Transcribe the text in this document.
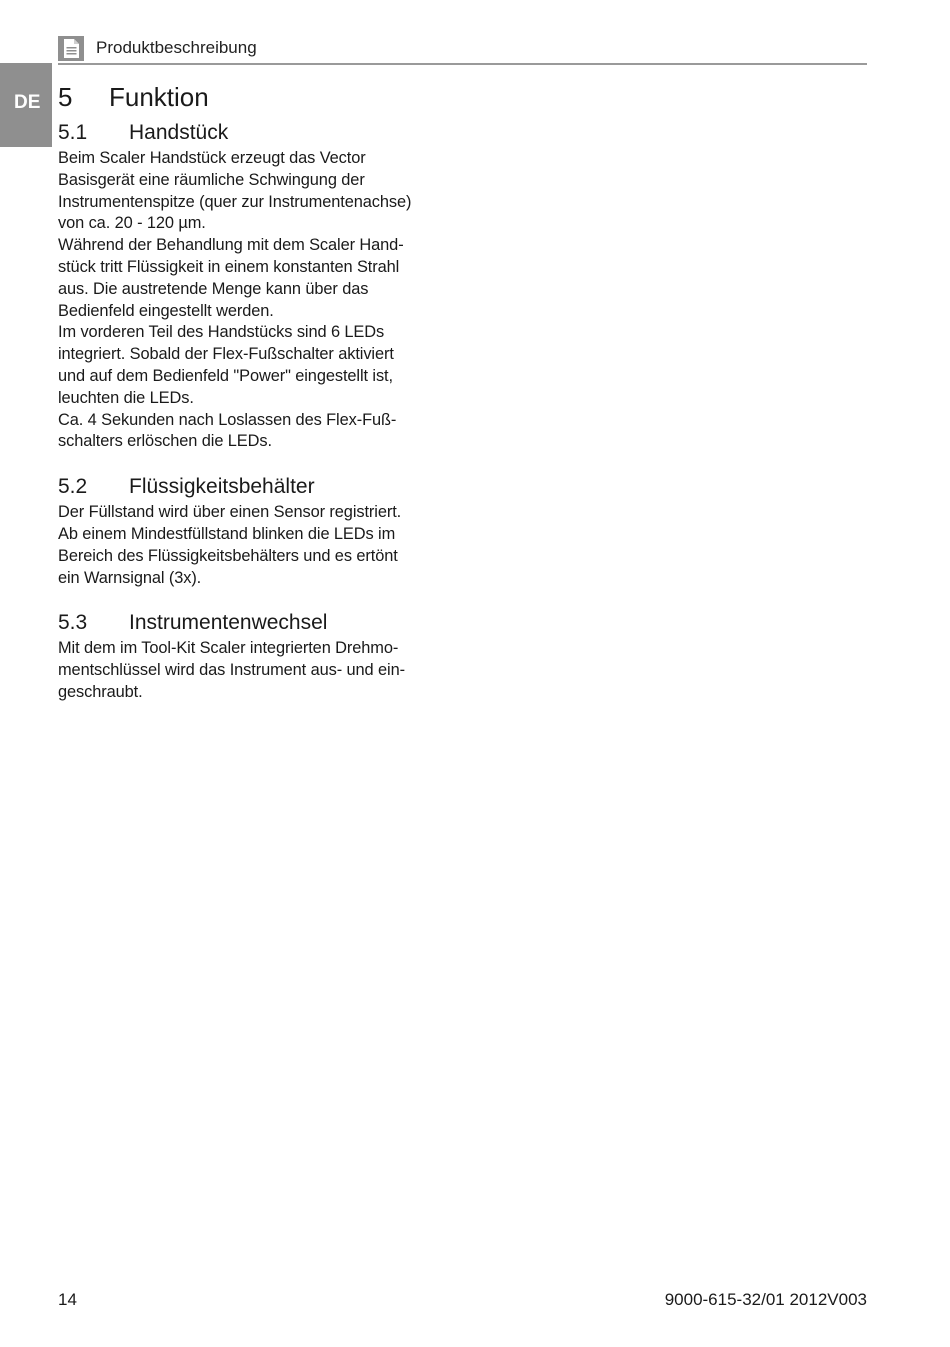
Produktbeschreibung
DE 5 Funktion
5.1 Handstück
Beim Scaler Handstück erzeugt das Vector
Basisgerät eine räumliche Schwingung der
Instrumentenspitze (quer zur Instrumentenachse)
von ca. 20 - 120 µm.
Während der Behandlung mit dem Scaler Hand-
stück tritt Flüssigkeit in einem konstanten Strahl
aus. Die austretende Menge kann über das
Bedienfeld eingestellt werden.
Im vorderen Teil des Handstücks sind 6 LEDs
integriert. Sobald der Flex-Fußschalter aktiviert
und auf dem Bedienfeld "Power" eingestellt ist,
leuchten die LEDs.
Ca. 4 Sekunden nach Loslassen des Flex-Fuß-
schalters erlöschen die LEDs.
5.2 Flüssigkeitsbehälter
Der Füllstand wird über einen Sensor registriert.
Ab einem Mindestfüllstand blinken die LEDs im
Bereich des Flüssigkeitsbehälters und es ertönt
ein Warnsignal (3x).
5.3 Instrumentenwechsel
Mit dem im Tool-Kit Scaler integrierten Drehmo-
mentschlüssel wird das Instrument aus- und ein-
geschraubt.
14	9000-615-32/01 2012V003
